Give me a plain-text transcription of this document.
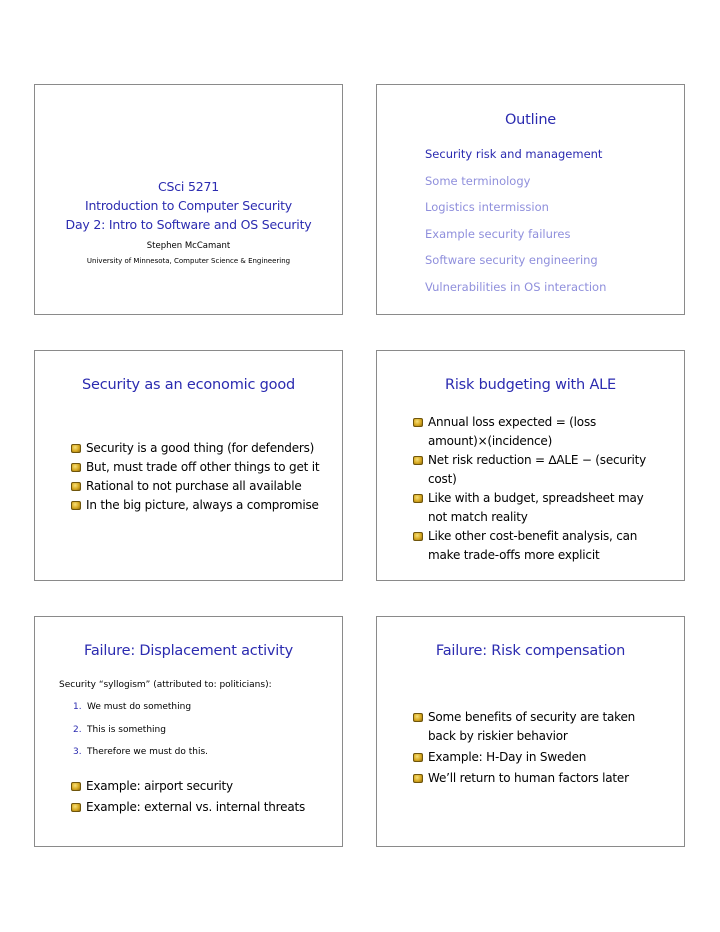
CSci 5271
Introduction to Computer Security
Day 2: Intro to Software and OS Security
Stephen McCamant
University of Minnesota, Computer Science & Engineering
Outline
Security risk and management
Some terminology
Logistics intermission
Example security failures
Software security engineering
Vulnerabilities in OS interaction
Security as an economic good
Security is a good thing (for defenders)
But, must trade off other things to get it
Rational to not purchase all available
In the big picture, always a compromise
Risk budgeting with ALE
Annual loss expected = (loss amount)×(incidence)
Net risk reduction = ∆ALE − (security cost)
Like with a budget, spreadsheet may not match reality
Like other cost-benefit analysis, can make trade-offs more explicit
Failure: Displacement activity
Security “syllogism” (attributed to: politicians):
1. We must do something
2. This is something
3. Therefore we must do this.
Example: airport security
Example: external vs. internal threats
Failure: Risk compensation
Some benefits of security are taken back by riskier behavior
Example: H-Day in Sweden
We’ll return to human factors later
